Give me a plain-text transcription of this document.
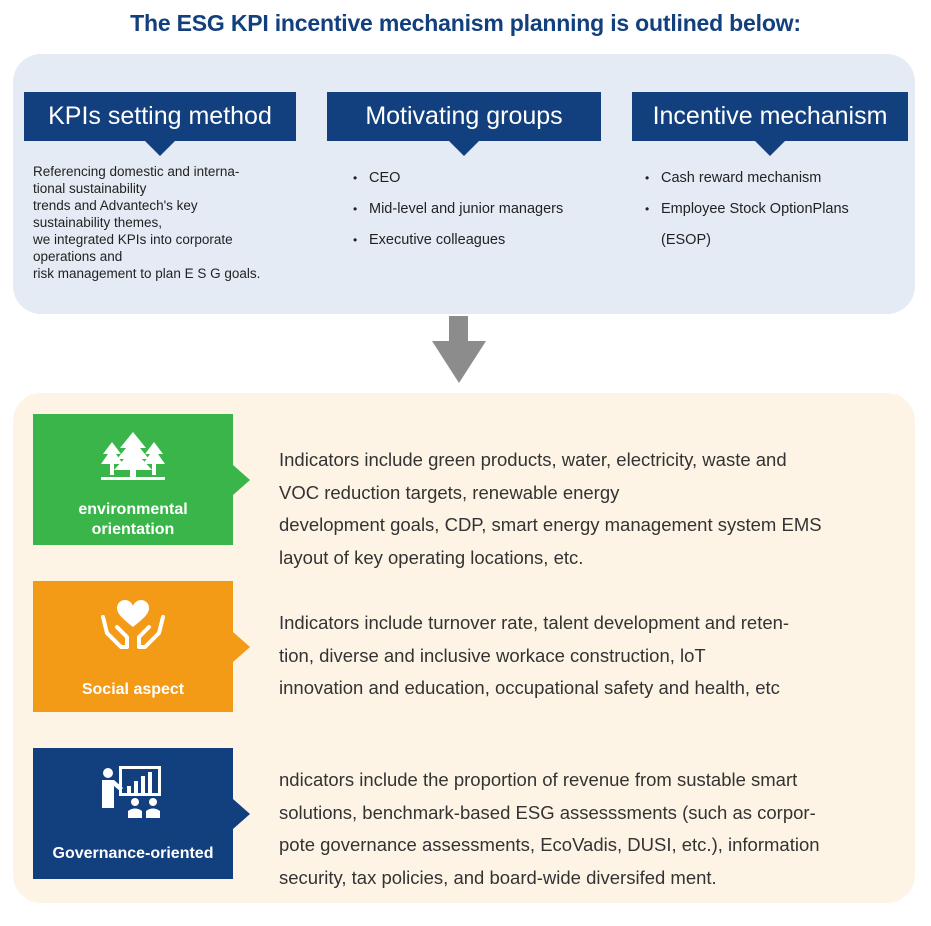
The ESG KPI incentive mechanism planning is outlined below:
KPIs setting method	Motivating groups	Incentive mechanism
Referencing domestic and interna-
tional sustainability
trends and Advantech's key
sustainability themes,
we integrated KPIs into corporate
operations and
risk management to plan E S G goals.
• CEO
• Mid-level and junior managers
• Executive colleagues
• Cash reward mechanism
• Employee Stock OptionPlans
(ESOP)
environmental
orientation
Indicators include green products, water, electricity, waste and
VOC reduction targets, renewable energy
development goals, CDP, smart energy management system EMS
layout of key operating locations, etc.
Social aspect
Indicators include turnover rate, talent development and reten-
tion, diverse and inclusive workace construction, loT
innovation and education, occupational safety and health, etc
Governance-oriented
ndicators include the proportion of revenue from sustable smart
solutions, benchmark-based ESG assesssments (such as corpor-
pote governance assessments, EcoVadis, DUSI, etc.), information
security, tax policies, and board-wide diversifed ment.
